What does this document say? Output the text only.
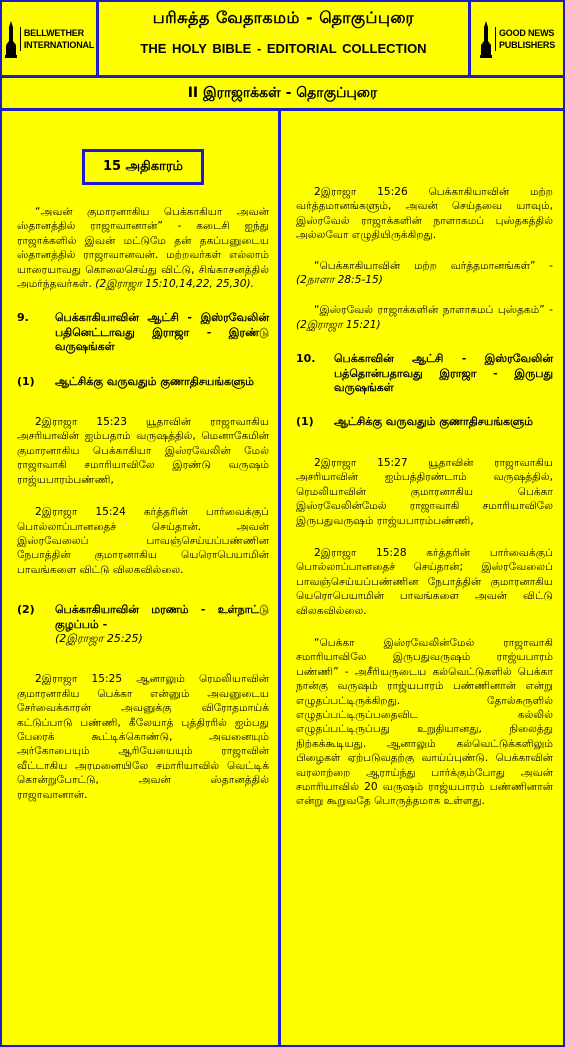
BELLWETHER
INTERNATIONAL
பரிசுத்த வேதாகமம் - தொகுப்புரை
THE HOLY BIBLE - EDITORIAL COLLECTION
GOOD NEWS
PUBLISHERS
II இராஜாக்கள் - தொகுப்புரை
15 அதிகாரம்

“அவன் குமாரனாகிய பெக்காகியா அவன் ஸ்தானத்தில் ராஜாவானான்” - கடைசி ஐந்து ராஜாக்களில் இவன் மட்டுமே தன் தகப்பனுடைய ஸ்தானத்தில் ராஜாவானவன். மற்றவர்கள் எல்லாம் யாரையாவது கொலைசெய்து விட்டு, சிங்காசனத்தில் அமர்ந்தவர்கள். (2இராஜா 15:10,14,22, 25,30).

9.	பெக்காகியாவின் ஆட்சி - இஸ்ரவேலின் பதினெட்டாவது இராஜா - இரண்டு வருஷங்கள்
(1)	ஆட்சிக்கு வருவதும் குணாதிசயங்களும்

2இராஜா 15:23 யூதாவின் ராஜாவாகிய அசரியாவின் ஐம்பதாம் வருஷத்தில், மெனாகேமின் குமாரனாகிய பெக்காகியா இஸ்ரவேலின் மேல் ராஜாவாகி சமாரியாவிலே இரண்டு வருஷம் ராஜ்யபாரம்பண்ணி,

2இராஜா 15:24 கர்த்தரின் பார்வைக்குப் பொல்லாப்பானதைச் செய்தான். அவன் இஸ்ரவேலைப் பாவஞ்செய்யப்பண்ணின நேபாத்தின் குமாரனாகிய யெரொபெயாமின் பாவங்களை விட்டு விலகவில்லை.

(2)	பெக்காகியாவின் மரணம் - உள்நாட்டு குழப்பம் -
(2இராஜா 25:25)

2இராஜா 15:25 ஆனாலும் ரெமலியாவின் குமாரனாகிய பெக்கா என்னும் அவனுடைய சேர்வைக்காரன் அவனுக்கு விரோதமாய்க் கட்டுப்பாடு பண்ணி, கீலேயாத் புத்திரரில் ஐம்பது பேரைக் கூட்டிக்கொண்டு, அவனையும் அர்கோபையும் ஆரியேயையும் ராஜாவின் வீட்டாகிய அரமனையிலே சமாரியாவில் வெட்டிக் கொன்றுபோட்டு, அவன் ஸ்தானத்தில் ராஜாவானான்.

2இராஜா 15:26 பெக்காகியாவின் மற்ற வர்த்தமானங்களும், அவன் செய்தவை யாவும், இஸ்ரவேல் ராஜாக்களின் நாளாகமப் புஸ்தகத்தில் அல்லவோ எழுதியிருக்கிறது.

“பெக்காகியாவின் மற்ற வர்த்தமானங்கள்” - (2நாளா 28:5-15)

“இஸ்ரவேல் ராஜாக்களின் நாளாகமப் புஸ்தகம்” - (2இராஜா 15:21)

10.	பெக்காவின் ஆட்சி - இஸ்ரவேலின் பத்தொன்பதாவது இராஜா - இருபது வருஷங்கள்
(1)	ஆட்சிக்கு வருவதும் குணாதிசயங்களும்

2இராஜா 15:27 யூதாவின் ராஜாவாகிய அசரியாவின் ஐம்பத்திரண்டாம் வருஷத்தில், ரெமலியாவின் குமாரனாகிய பெக்கா இஸ்ரவேலின்மேல் ராஜாவாகி சமாரியாவிலே இருபதுவருஷம் ராஜ்யபாரம்பண்ணி,

2இராஜா 15:28 கர்த்தரின் பார்வைக்குப் பொல்லாப்பானதைச் செய்தான்; இஸ்ரவேலைப் பாவஞ்செய்யப்பண்ணின நேபாத்தின் குமாரனாகிய யெரொபெயாமின் பாவங்களை அவன் விட்டு விலகவில்லை.

“பெக்கா இஸ்ரவேலின்மேல் ராஜாவாகி சமாரியாவிலே இருபதுவருஷம் ராஜ்யபாரம் பண்ணி” - அசீரியருடைய கல்வெட்டுகளில் பெக்கா நான்கு வருஷம் ராஜ்யபாரம் பண்ணினான் என்று எழுதப்பட்டிருக்கிறது. தோல்சுருளில் எழுதப்பட்டிருப்பதைவிட கல்லில் எழுதப்பட்டிருப்பது உறுதியானது, நிலைத்து நிற்கக்கூடியது. ஆனாலும் கல்வெட்டுக்களிலும் பிழைகள் ஏற்படுவதற்கு வாய்ப்புண்டு. பெக்காவின் வரலாற்றை ஆராய்ந்து பார்க்கும்போது அவன் சமாரியாவில் 20 வருஷம் ராஜ்யபாரம் பண்ணினான் என்று கூறுவதே பொருத்தமாக உள்ளது.
